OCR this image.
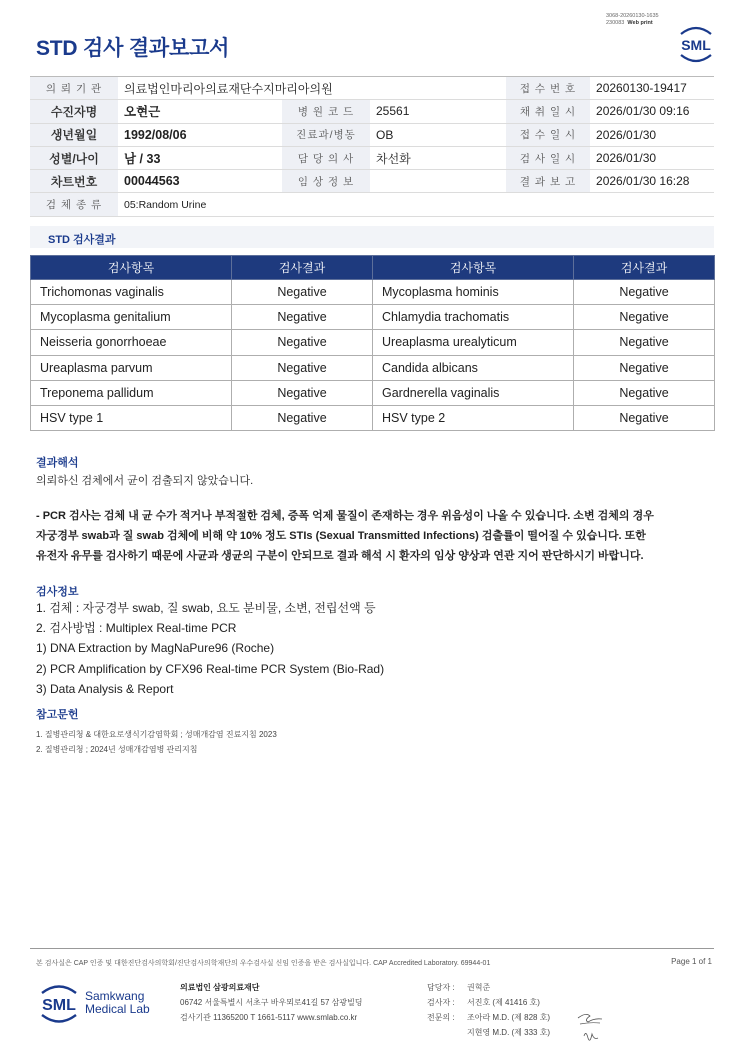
3068-20260130-1635
230083 Web print
STD 검사 결과보고서	SML
의 뢰 기 관	의료법인마리아의료재단수지마리아의원			접 수 번 호	20260130-19417
수진자명	오현근	병 원 코 드	25561	채 취 일 시	2026/01/30 09:16
생년월일	1992/08/06	진료과/병동	OB	접 수 일 시	2026/01/30
성별/나이	남 / 33	담 당 의 사	차선화	검 사 일 시	2026/01/30
차트번호	00044563	임 상 정 보		결 과 보 고	2026/01/30 16:28
검 체 종 류	05:Random Urine				
STD 검사결과
검사항목	검사결과	검사항목	검사결과
Trichomonas vaginalis	Negative	Mycoplasma hominis	Negative
Mycoplasma genitalium	Negative	Chlamydia trachomatis	Negative
Neisseria gonorrhoeae	Negative	Ureaplasma urealyticum	Negative
Ureaplasma parvum	Negative	Candida albicans	Negative
Treponema pallidum	Negative	Gardnerella vaginalis	Negative
HSV type 1	Negative	HSV type 2	Negative
결과해석
의뢰하신 검체에서 균이 검출되지 않았습니다.
- PCR 검사는 검체 내 균 수가 적거나 부적절한 검체, 증폭 억제 물질이 존재하는 경우 위음성이 나올 수 있습니다. 소변 검체의 경우
자궁경부 swab과 질 swab 검체에 비해 약 10% 정도 STIs (Sexual Transmitted Infections) 검출률이 떨어질 수 있습니다. 또한
유전자 유무를 검사하기 때문에 사균과 생균의 구분이 안되므로 결과 해석 시 환자의 임상 양상과 연관 지어 판단하시기 바랍니다.
검사정보
1. 검체 : 자궁경부 swab, 질 swab, 요도 분비물, 소변, 전립선액 등
2. 검사방법 : Multiplex Real-time PCR
1) DNA Extraction by MagNaPure96 (Roche)
2) PCR Amplification by CFX96 Real-time PCR System (Bio-Rad)
3) Data Analysis & Report
참고문헌
1. 질병관리청 & 대한요로생식기감염학회 ; 성매개감염 진료지침 2023
2. 질병관리청 ; 2024년 성매개감염병 관리지침
본 검사실은 CAP 인증 및 대한진단검사의학회/진단검사의학재단의 우수검사실 신임 인증을 받은 검사실입니다. CAP Accredited Laboratory. 69944-01	Page 1 of 1
SML
Samkwang
Medical Lab
의료법인 삼광의료재단
06742 서울특별시 서초구 바우뫼로41길 57 삼광빌딩
검사기관 11365200 T 1661-5117 www.smlab.co.kr
담당자 : 권혁준
검사자 : 서진호 (제 41416 호)
전문의 : 조아라 M.D. (제 828 호)
지현영 M.D. (제 333 호)
